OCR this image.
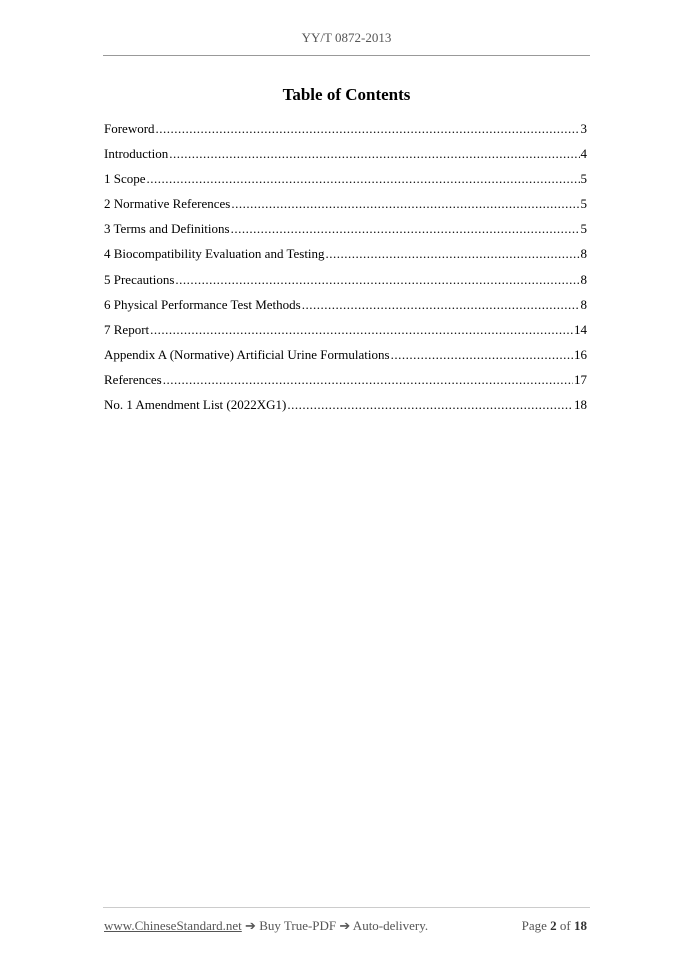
YY/T 0872-2013
Table of Contents
Foreword .....	3
Introduction .....	4
1 Scope .....	5
2 Normative References .....	5
3 Terms and Definitions .....	5
4 Biocompatibility Evaluation and Testing .....	8
5 Precautions .....	8
6 Physical Performance Test Methods .....	8
7 Report .....	14
Appendix A (Normative) Artificial Urine Formulations .....	16
References .....	17
No. 1 Amendment List (2022XG1) .....	18
www.ChineseStandard.net ➔ Buy True-PDF ➔ Auto-delivery.	Page 2 of 18
